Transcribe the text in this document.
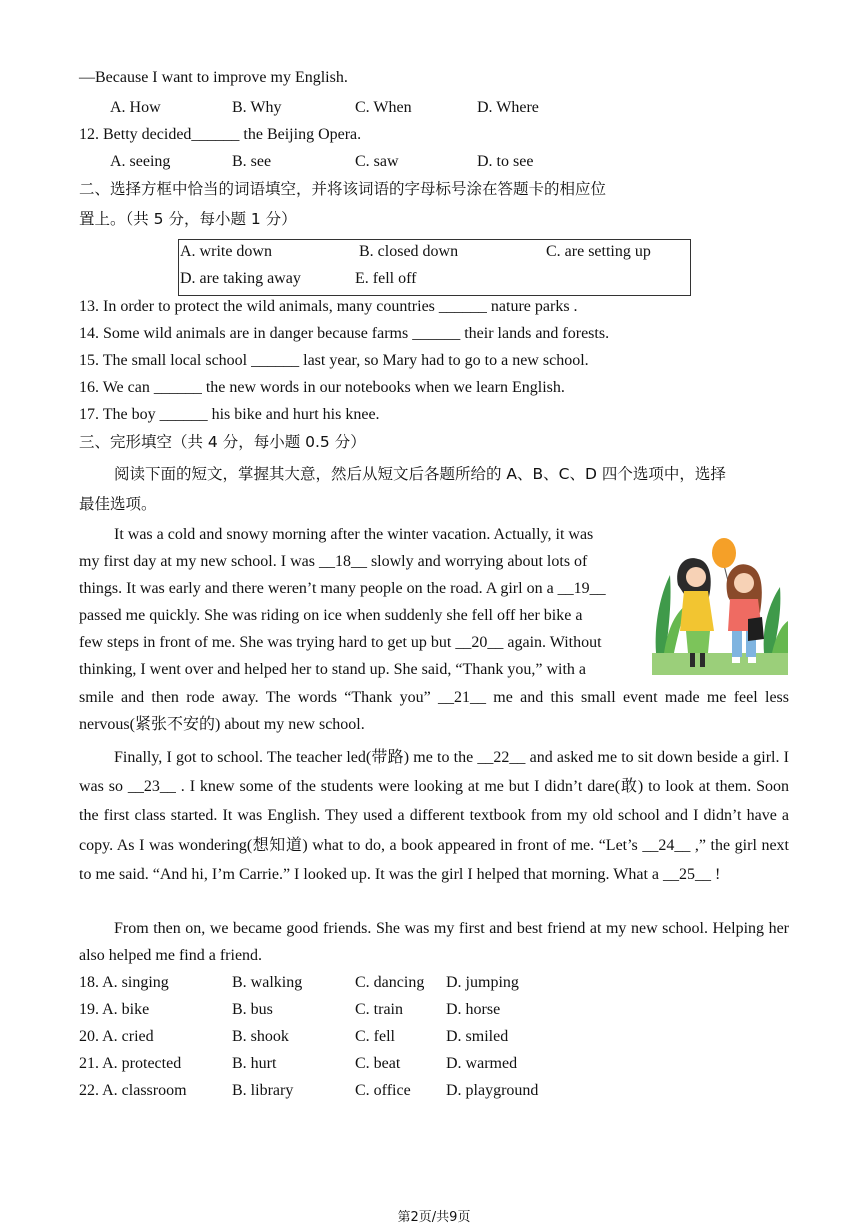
—Because I want to improve my English.
A. How	B. Why	C. When	D. Where
12. Betty decided______ the Beijing Opera.
A. seeing	B. see	C. saw	D. to see
二、选择方框中恰当的词语填空，并将该词语的字母标号涂在答题卡的相应位
置上。（共 5 分，每小题 1 分）
A. write down	B. closed down	C. are setting up
D. are taking away	E. fell off
13. In order to protect the wild animals, many countries ______ nature parks .
14. Some wild animals are in danger because farms ______ their lands and forests.
15. The small local school ______ last year, so Mary had to go to a new school.
16. We can ______ the new words in our notebooks when we learn English.
17. The boy ______ his bike and hurt his knee.
三、完形填空（共 4 分，每小题 0.5 分）
阅读下面的短文，掌握其大意，然后从短文后各题所给的 A、B、C、D 四个选项中，选择
最佳选项。
It was a cold and snowy morning after the winter vacation. Actually, it was
my first day at my new school. I was __18__ slowly and worrying about lots of
things. It was early and there weren’t many people on the road. A girl on a __19__
passed me quickly. She was riding on ice when suddenly she fell off her bike a
few steps in front of me. She was trying hard to get up but __20__ again. Without
thinking, I went over and helped her to stand up. She said, “Thank you,” with a

smile and then rode away. The words “Thank you” __21__ me and this small event made me feel less nervous(紧张不安的) about my new school.

Finally, I got to school. The teacher led(带路) me to the __22__ and asked me to sit down beside a girl. I was so __23__ . I knew some of the students were looking at me but I didn’t dare(敢) to look at them. Soon the first class started. It was English. They used a different textbook from my old school and I didn’t have a copy. As I was wondering(想知道) what to do, a book appeared in front of me. “Let’s __24__ ,” the girl next to me said. “And hi, I’m Carrie.” I looked up. It was the girl I helped that morning. What a __25__ !

From then on, we became good friends. She was my first and best friend at my new school. Helping her also helped me find a friend.

18. A. singing	B. walking	C. dancing D. jumping
19. A. bike	B. bus	C. train	D. horse
20. A. cried	B. shook	C. fell	D. smiled
21. A. protected	B. hurt	C. beat	D. warmed
22. A. classroom	B. library	C. office D. playground
第2页/共9页
